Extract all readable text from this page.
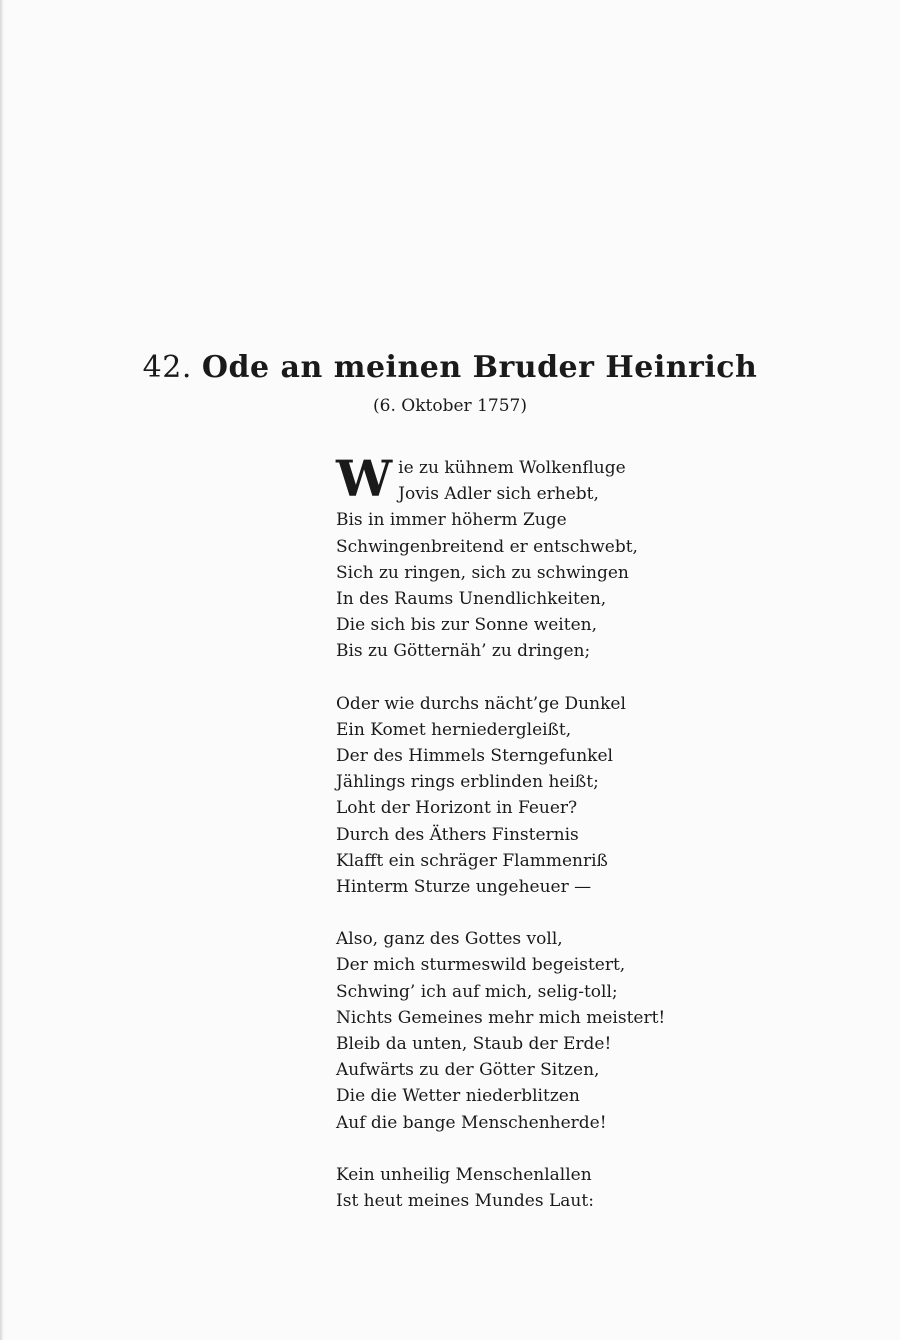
42. Ode an meinen Bruder Heinrich
(6. Oktober 1757)
W ie zu kühnem Wolkenfluge
Jovis Adler sich erhebt,
Bis in immer höherm Zuge
Schwingenbreitend er entschwebt,
Sich zu ringen, sich zu schwingen
In des Raums Unendlichkeiten,
Die sich bis zur Sonne weiten,
Bis zu Götternäh’ zu dringen;
Oder wie durchs nächt’ge Dunkel
Ein Komet herniedergleißt,
Der des Himmels Sterngefunkel
Jählings rings erblinden heißt;
Loht der Horizont in Feuer?
Durch des Äthers Finsternis
Klafft ein schräger Flammenriß
Hinterm Sturze ungeheuer —
Also, ganz des Gottes voll,
Der mich sturmeswild begeistert,
Schwing’ ich auf mich, selig-toll;
Nichts Gemeines mehr mich meistert!
Bleib da unten, Staub der Erde!
Aufwärts zu der Götter Sitzen,
Die die Wetter niederblitzen
Auf die bange Menschenherde!
Kein unheilig Menschenlallen
Ist heut meines Mundes Laut:
